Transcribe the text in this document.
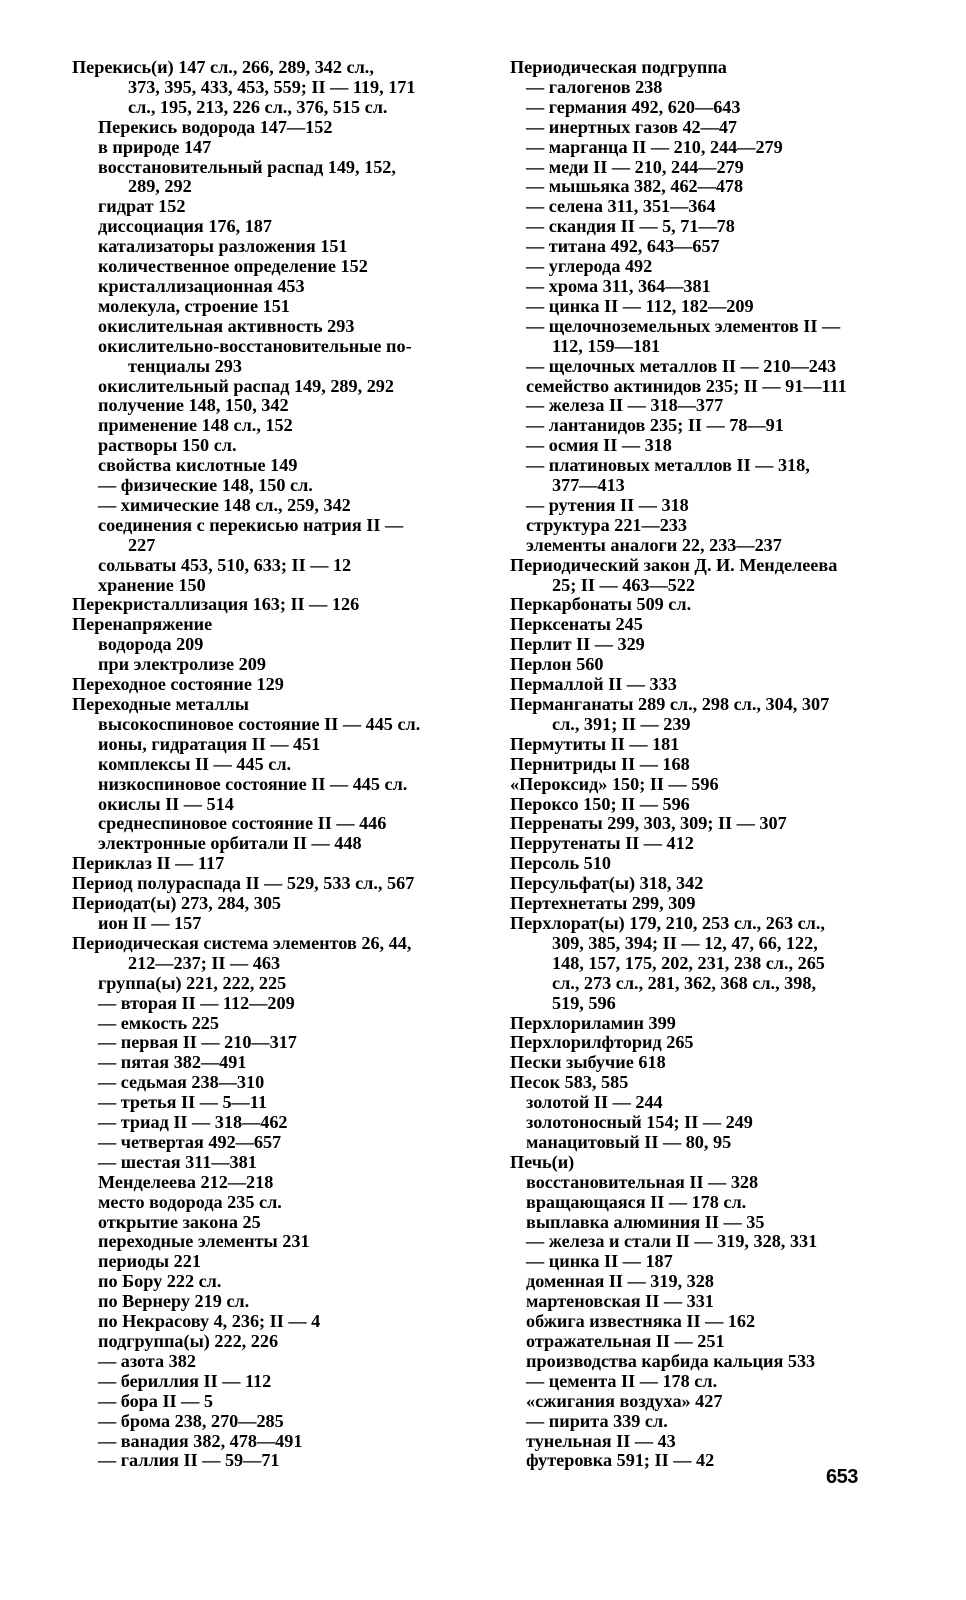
Перекись(и) 147 сл., 266, 289, 342 сл.,
373, 395, 433, 453, 559; II — 119, 171
сл., 195, 213, 226 сл., 376, 515 сл.
Перекись водорода 147—152
в природе 147
восстановительный распад 149, 152,
289, 292
гидрат 152
диссоциация 176, 187
катализаторы разложения 151
количественное определение 152
кристаллизационная 453
молекула, строение 151
окислительная активность 293
окислительно-восстановительные по-
тенциалы 293
окислительный распад 149, 289, 292
получение 148, 150, 342
применение 148 сл., 152
растворы 150 сл.
свойства кислотные 149
— физические 148, 150 сл.
— химические 148 сл., 259, 342
соединения с перекисью натрия II —
227
сольваты 453, 510, 633; II — 12
хранение 150
Перекристаллизация 163; II — 126
Перенапряжение
водорода 209
при электролизе 209
Переходное состояние 129
Переходные металлы
высокоспиновое состояние II — 445 сл.
ионы, гидратация II — 451
комплексы II — 445 сл.
низкоспиновое состояние II — 445 сл.
окислы II — 514
среднеспиновое состояние II — 446
электронные орбитали II — 448
Периклаз II — 117
Период полураспада II — 529, 533 сл., 567
Периодат(ы) 273, 284, 305
ион II — 157
Периодическая система элементов 26, 44,
212—237; II — 463
группа(ы) 221, 222, 225
— вторая II — 112—209
— емкость 225
— первая II — 210—317
— пятая 382—491
— седьмая 238—310
— третья II — 5—11
— триад II — 318—462
— четвертая 492—657
— шестая 311—381
Менделеева 212—218
место водорода 235 сл.
открытие закона 25
переходные элементы 231
периоды 221
по Бору 222 сл.
по Вернеру 219 сл.
по Некрасову 4, 236; II — 4
подгруппа(ы) 222, 226
— азота 382
— бериллия II — 112
— бора II — 5
— брома 238, 270—285
— ванадия 382, 478—491
— галлия II — 59—71
Периодическая подгруппа
— галогенов 238
— германия 492, 620—643
— инертных газов 42—47
— марганца II — 210, 244—279
— меди II — 210, 244—279
— мышьяка 382, 462—478
— селена 311, 351—364
— скандия II — 5, 71—78
— титана 492, 643—657
— углерода 492
— хрома 311, 364—381
— цинка II — 112, 182—209
— щелочноземельных элементов II —
112, 159—181
— щелочных металлов II — 210—243
семейство актинидов 235; II — 91—111
— железа II — 318—377
— лантанидов 235; II — 78—91
— осмия II — 318
— платиновых металлов II — 318,
377—413
— рутения II — 318
структура 221—233
элементы аналоги 22, 233—237
Периодический закон Д. И. Менделеева
25; II — 463—522
Перкарбонаты 509 сл.
Перксенаты 245
Перлит II — 329
Перлон 560
Пермаллой II — 333
Перманганаты 289 сл., 298 сл., 304, 307
сл., 391; II — 239
Пермутиты II — 181
Пернитриды II — 168
«Пероксид» 150; II — 596
Пероксо 150; II — 596
Перренаты 299, 303, 309; II — 307
Перрутенаты II — 412
Персоль 510
Персульфат(ы) 318, 342
Пертехнетаты 299, 309
Перхлорат(ы) 179, 210, 253 сл., 263 сл.,
309, 385, 394; II — 12, 47, 66, 122,
148, 157, 175, 202, 231, 238 сл., 265
сл., 273 сл., 281, 362, 368 сл., 398,
519, 596
Перхлориламин 399
Перхлорилфторид 265
Пески зыбучие 618
Песок 583, 585
золотой II — 244
золотоносный 154; II — 249
манацитовый II — 80, 95
Печь(и)
восстановительная II — 328
вращающаяся II — 178 сл.
выплавка алюминия II — 35
— железа и стали II — 319, 328, 331
— цинка II — 187
доменная II — 319, 328
мартеновская II — 331
обжига известняка II — 162
отражательная II — 251
производства карбида кальция 533
— цемента II — 178 сл.
«сжигания воздуха» 427
— пирита 339 сл.
тунельная II — 43
футеровка 591; II — 42
653
